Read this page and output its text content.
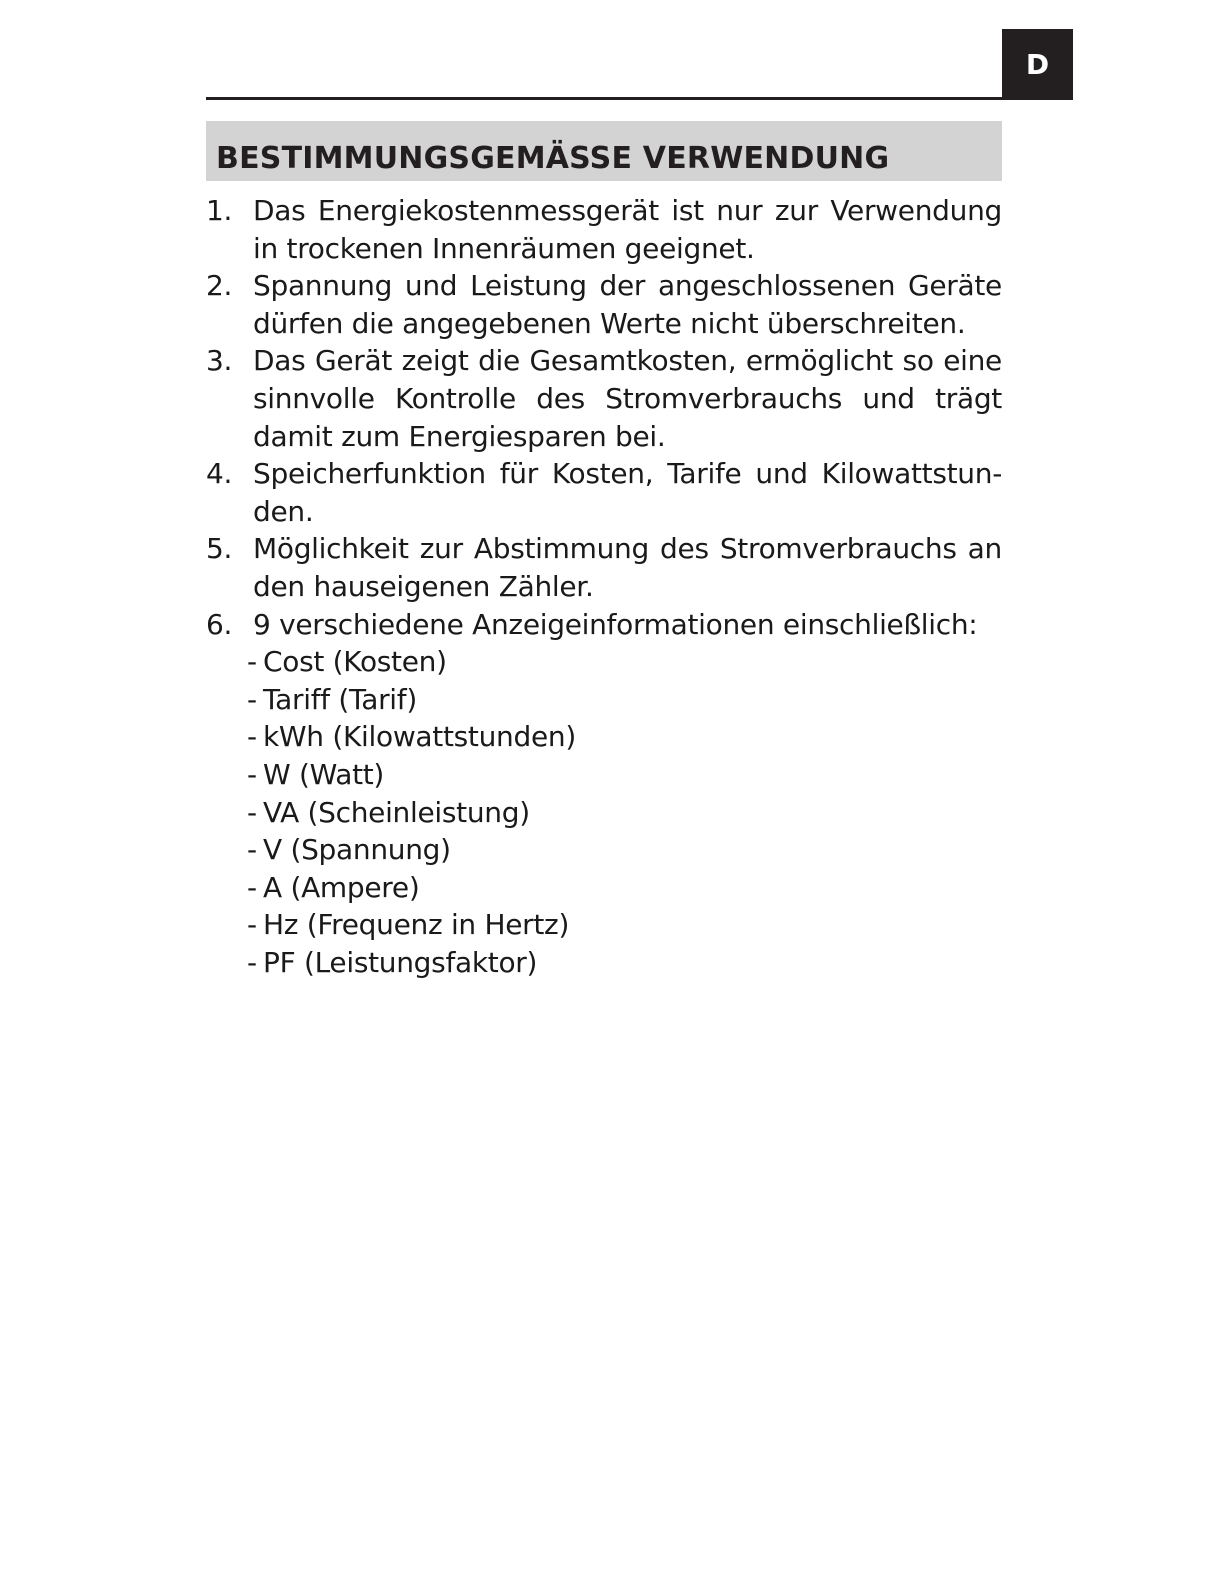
D
BESTIMMUNGSGEMÄSSE VERWENDUNG
1. Das Energiekostenmessgerät ist nur zur Verwendung in trockenen Innenräumen geeignet.
2. Spannung und Leistung der angeschlossenen Geräte dürfen die angegebenen Werte nicht überschreiten.
3. Das Gerät zeigt die Gesamtkosten, ermöglicht so eine sinnvolle Kontrolle des Stromverbrauchs und trägt damit zum Energiesparen bei.
4. Speicherfunktion für Kosten, Tarife und Kilowattstun-den.
5. Möglichkeit zur Abstimmung des Stromverbrauchs an den hauseigenen Zähler.
6. 9 verschiedene Anzeigeinformationen einschließlich:
- Cost (Kosten)
- Tariff (Tarif)
- kWh (Kilowattstunden)
- W (Watt)
- VA (Scheinleistung)
- V (Spannung)
- A (Ampere)
- Hz (Frequenz in Hertz)
- PF (Leistungsfaktor)
